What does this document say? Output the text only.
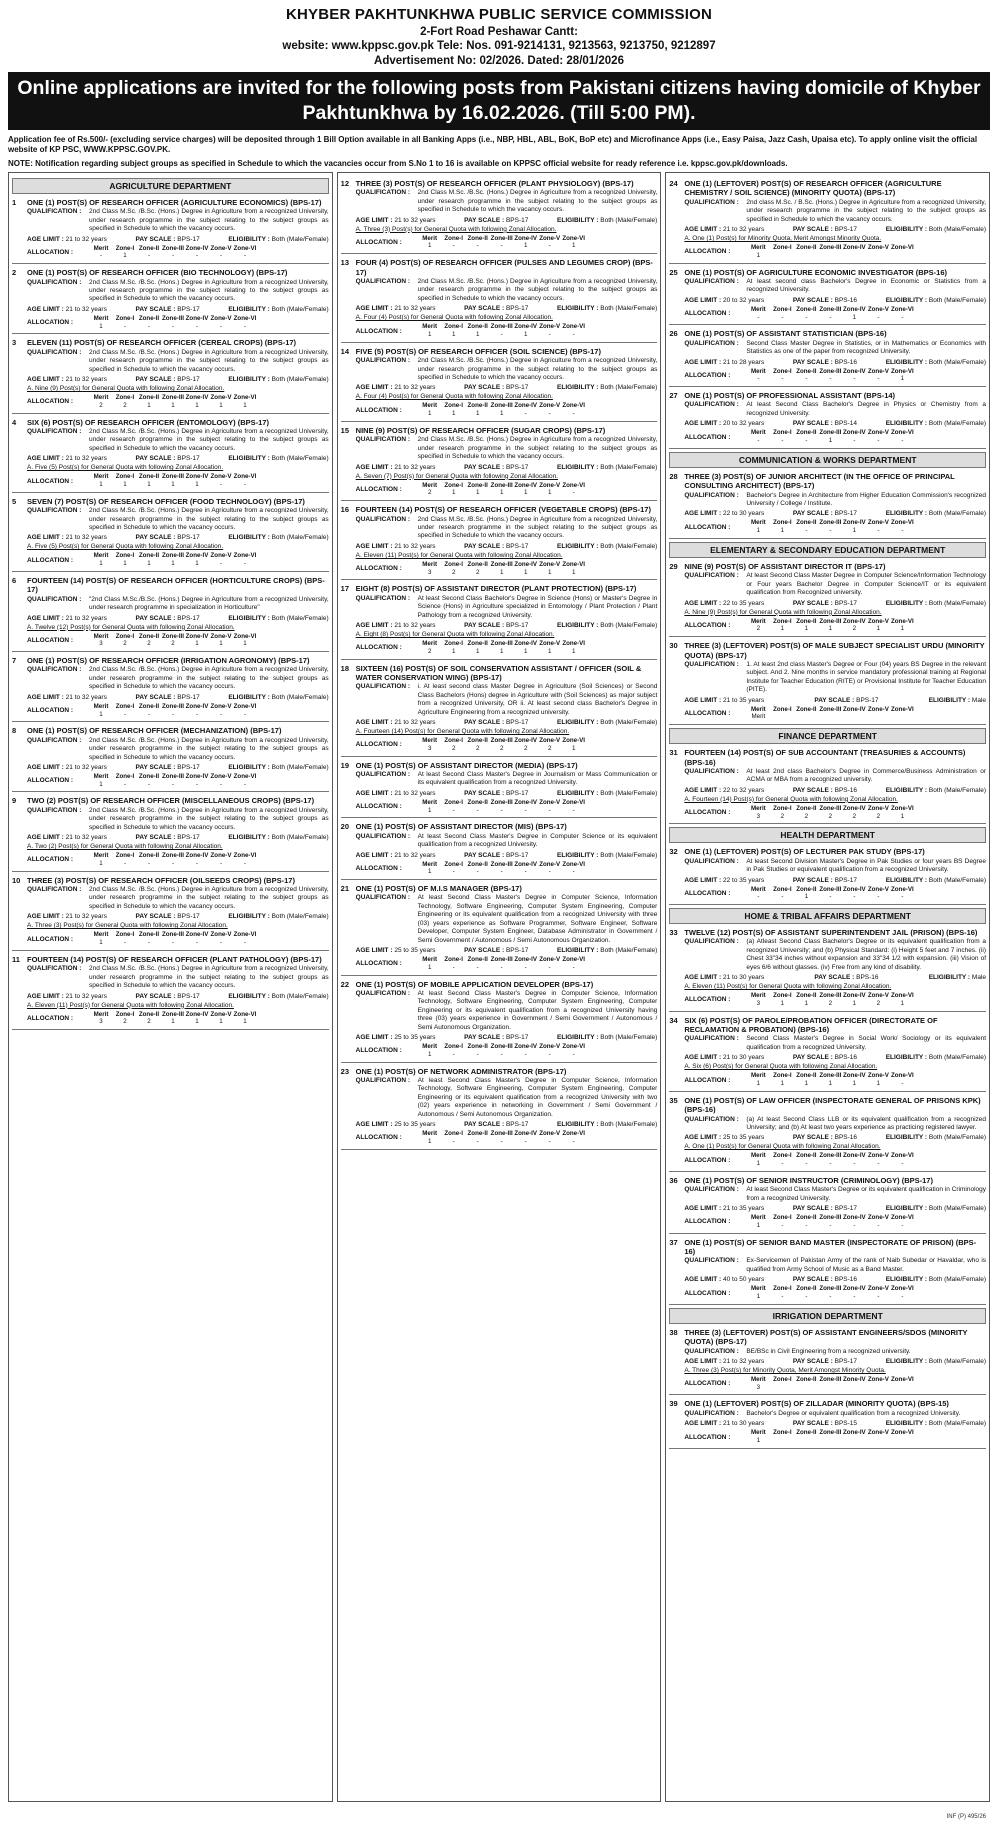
KHYBER PAKHTUNKHWA PUBLIC SERVICE COMMISSION
2-Fort Road Peshawar Cantt:
website: www.kppsc.gov.pk Tele: Nos. 091-9214131, 9213563, 9213750, 9212897
Advertisement No: 02/2026. Dated: 28/01/2026
Online applications are invited for the following posts from Pakistani citizens having domicile of Khyber Pakhtunkhwa by 16.02.2026. (Till 5:00 PM).
Application fee of Rs.500/- (excluding service charges) will be deposited through 1 Bill Option available in all Banking Apps (i.e., NBP, HBL, ABL, BoK, BoP etc) and Microfinance Apps (i.e., Easy Paisa, Jazz Cash, Upaisa etc). To apply online visit the official website of KP PSC, WWW.KPPSC.GOV.PK.
NOTE: Notification regarding subject groups as specified in Schedule to which the vacancies occur from S.No 1 to 16 is available on KPPSC official website for ready reference i.e. kppsc.gov.pk/downloads.
AGRICULTURE DEPARTMENT
1	ONE (1) POST(S) OF RESEARCH OFFICER (AGRICULTURE ECONOMICS) (BPS-17)
QUALIFICATION :	2nd Class M.Sc. /B.Sc. (Hons.) Degree in Agriculture from a recognized University, under research programme in the subject relating to the subject groups as specified in Schedule to which the vacancy occurs.
AGE LIMIT : 21 to 32 years	PAY SCALE : BPS-17	ELIGIBILITY : Both (Male/Female)
ALLOCATION :
Merit	Zone-I	Zone-II	Zone-III	Zone-IV	Zone-V	Zone-VI
-	1	-	-	-	-	-
2	ONE (1) POST(S) OF RESEARCH OFFICER (BIO TECHNOLOGY) (BPS-17)
QUALIFICATION :	2nd Class M.Sc. /B.Sc. (Hons.) Degree in Agriculture from a recognized University, under research programme in the subject relating to the subject groups as specified in Schedule to which the vacancy occurs.
AGE LIMIT : 21 to 32 years	PAY SCALE : BPS-17	ELIGIBILITY : Both (Male/Female)
ALLOCATION :
Merit	Zone-I	Zone-II	Zone-III	Zone-IV	Zone-V	Zone-VI
1	-	-	-	-	-	-
3	ELEVEN (11) POST(S) OF RESEARCH OFFICER (CEREAL CROPS) (BPS-17)
QUALIFICATION :	2nd Class M.Sc. /B.Sc. (Hons.) Degree in Agriculture from a recognized University, under research programme in the subject relating to the subject groups as specified in Schedule to which the vacancy occurs.
AGE LIMIT : 21 to 32 years	PAY SCALE : BPS-17	ELIGIBILITY : Both (Male/Female)
A. Nine (9) Post(s) for General Quota with following Zonal Allocation.
ALLOCATION :
Merit	Zone-I	Zone-II	Zone-III	Zone-IV	Zone-V	Zone-VI
2	2	1	1	1	1	1
4	SIX (6) POST(S) OF RESEARCH OFFICER (ENTOMOLOGY) (BPS-17)
QUALIFICATION :	2nd Class M.Sc. /B.Sc. (Hons.) Degree in Agriculture from a recognized University, under research programme in the subject relating to the subject groups as specified in Schedule to which the vacancy occurs.
AGE LIMIT : 21 to 32 years	PAY SCALE : BPS-17	ELIGIBILITY : Both (Male/Female)
A. Five (5) Post(s) for General Quota with following Zonal Allocation.
ALLOCATION :
Merit	Zone-I	Zone-II	Zone-III	Zone-IV	Zone-V	Zone-VI
1	1	1	1	1	-	-
5	SEVEN (7) POST(S) OF RESEARCH OFFICER (FOOD TECHNOLOGY) (BPS-17)
QUALIFICATION :	2nd Class M.Sc. /B.Sc. (Hons.) Degree in Agriculture from a recognized University, under research programme in the subject relating to the subject groups as specified in Schedule to which the vacancy occurs.
AGE LIMIT : 21 to 32 years	PAY SCALE : BPS-17	ELIGIBILITY : Both (Male/Female)
A. Five (5) Post(s) for General Quota with following Zonal Allocation.
ALLOCATION :
Merit	Zone-I	Zone-II	Zone-III	Zone-IV	Zone-V	Zone-VI
1	1	1	1	1	-	-
6	FOURTEEN (14) POST(S) OF RESEARCH OFFICER (HORTICULTURE CROPS) (BPS-17)
QUALIFICATION :	"2nd Class M.Sc./B.Sc. (Hons.) Degree in Agriculture from a recognized University, under research programme in specialization in Horticulture"
AGE LIMIT : 21 to 32 years	PAY SCALE : BPS-17	ELIGIBILITY : Both (Male/Female)
A. Twelve (12) Post(s) for General Quota with following Zonal Allocation.
ALLOCATION :
Merit	Zone-I	Zone-II	Zone-III	Zone-IV	Zone-V	Zone-VI
3	2	2	2	1	1	1
7	ONE (1) POST(S) OF RESEARCH OFFICER (IRRIGATION AGRONOMY) (BPS-17)
QUALIFICATION :	2nd Class M.Sc. /B.Sc. (Hons.) Degree in Agriculture from a recognized University, under research programme in the subject relating to the subject groups as specified in Schedule to which the vacancy occurs.
AGE LIMIT : 21 to 32 years	PAY SCALE : BPS-17	ELIGIBILITY : Both (Male/Female)
ALLOCATION :
Merit	Zone-I	Zone-II	Zone-III	Zone-IV	Zone-V	Zone-VI
1	-	-	-	-	-	-
8	ONE (1) POST(S) OF RESEARCH OFFICER (MECHANIZATION) (BPS-17)
QUALIFICATION :	2nd Class M.Sc. /B.Sc. (Hons.) Degree in Agriculture from a recognized University, under research programme in the subject relating to the subject groups as specified in Schedule to which the vacancy occurs.
AGE LIMIT : 21 to 32 years	PAY SCALE : BPS-17	ELIGIBILITY : Both (Male/Female)
ALLOCATION :
Merit	Zone-I	Zone-II	Zone-III	Zone-IV	Zone-V	Zone-VI
1	-	-	-	-	-	-
9	TWO (2) POST(S) OF RESEARCH OFFICER (MISCELLANEOUS CROPS) (BPS-17)
QUALIFICATION :	2nd Class M.Sc. /B.Sc. (Hons.) Degree in Agriculture from a recognized University, under research programme in the subject relating to the subject groups as specified in Schedule to which the vacancy occurs.
AGE LIMIT : 21 to 32 years	PAY SCALE : BPS-17	ELIGIBILITY : Both (Male/Female)
A. Two (2) Post(s) for General Quota with following Zonal Allocation.
ALLOCATION :
Merit	Zone-I	Zone-II	Zone-III	Zone-IV	Zone-V	Zone-VI
1	-	-	-	-	-	-
10 THREE (3) POST(S) OF RESEARCH OFFICER (OILSEEDS CROPS) (BPS-17)
QUALIFICATION :	2nd Class M.Sc. /B.Sc. (Hons.) Degree in Agriculture from a recognized University, under research programme in the subject relating to the subject groups as specified in Schedule to which the vacancy occurs.
AGE LIMIT : 21 to 32 years	PAY SCALE : BPS-17	ELIGIBILITY : Both (Male/Female)
A. Three (3) Post(s) for General Quota with following Zonal Allocation.
ALLOCATION :
Merit	Zone-I	Zone-II	Zone-III	Zone-IV	Zone-V	Zone-VI
1	-	-	-	-	-	-
11 FOURTEEN (14) POST(S) OF RESEARCH OFFICER (PLANT PATHOLOGY) (BPS-17)
QUALIFICATION :	2nd Class M.Sc. /B.Sc. (Hons.) Degree in Agriculture from a recognized University, under research programme in the subject relating to the subject groups as specified in Schedule to which the vacancy occurs.
AGE LIMIT : 21 to 32 years	PAY SCALE : BPS-17	ELIGIBILITY : Both (Male/Female)
A. Eleven (11) Post(s) for General Quota with following Zonal Allocation.
ALLOCATION :
Merit	Zone-I	Zone-II	Zone-III	Zone-IV	Zone-V	Zone-VI
3	2	2	1	1	1	1
12 THREE (3) POST(S) OF RESEARCH OFFICER (PLANT PHYSIOLOGY) (BPS-17)
QUALIFICATION :	2nd Class M.Sc. /B.Sc. (Hons.) Degree in Agriculture from a recognized University, under research programme in the subject relating to the subject groups as specified in Schedule to which the vacancy occurs.
AGE LIMIT : 21 to 32 years	PAY SCALE : BPS-17	ELIGIBILITY : Both (Male/Female)
A. Three (3) Post(s) for General Quota with following Zonal Allocation.
ALLOCATION :
Merit	Zone-I	Zone-II	Zone-III	Zone-IV	Zone-V	Zone-VI
1	-	-	-	1	-	1
13 FOUR (4) POST(S) OF RESEARCH OFFICER (PULSES AND LEGUMES CROP) (BPS-17)
QUALIFICATION :	2nd Class M.Sc. /B.Sc. (Hons.) Degree in Agriculture from a recognized University, under research programme in the subject relating to the subject groups as specified in Schedule to which the vacancy occurs.
AGE LIMIT : 21 to 32 years	PAY SCALE : BPS-17	ELIGIBILITY : Both (Male/Female)
A. Four (4) Post(s) for General Quota with following Zonal Allocation.
ALLOCATION :
Merit	Zone-I	Zone-II	Zone-III	Zone-IV	Zone-V	Zone-VI
1	1	1	-	1	-	-
14 FIVE (5) POST(S) OF RESEARCH OFFICER (SOIL SCIENCE) (BPS-17)
QUALIFICATION :	2nd Class M.Sc. /B.Sc. (Hons.) Degree in Agriculture from a recognized University, under research programme in the subject relating to the subject groups as specified in Schedule to which the vacancy occurs.
AGE LIMIT : 21 to 32 years	PAY SCALE : BPS-17	ELIGIBILITY : Both (Male/Female)
A. Four (4) Post(s) for General Quota with following Zonal Allocation.
ALLOCATION :
Merit	Zone-I	Zone-II	Zone-III	Zone-IV	Zone-V	Zone-VI
1	1	1	1	-	-	-
15 NINE (9) POST(S) OF RESEARCH OFFICER (SUGAR CROPS) (BPS-17)
QUALIFICATION :	2nd Class M.Sc. /B.Sc. (Hons.) Degree in Agriculture from a recognized University, under research programme in the subject relating to the subject groups as specified in Schedule to which the vacancy occurs.
AGE LIMIT : 21 to 32 years	PAY SCALE : BPS-17	ELIGIBILITY : Both (Male/Female)
A. Seven (7) Post(s) for General Quota with following Zonal Allocation.
ALLOCATION :
Merit	Zone-I	Zone-II	Zone-III	Zone-IV	Zone-V	Zone-VI
2	1	1	1	1	1	-
16 FOURTEEN (14) POST(S) OF RESEARCH OFFICER (VEGETABLE CROPS) (BPS-17)
QUALIFICATION :	2nd Class M.Sc. /B.Sc. (Hons.) Degree in Agriculture from a recognized University, under research programme in the subject relating to the subject groups as specified in Schedule to which the vacancy occurs.
AGE LIMIT : 21 to 32 years	PAY SCALE : BPS-17	ELIGIBILITY : Both (Male/Female)
A. Eleven (11) Post(s) for General Quota with following Zonal Allocation.
ALLOCATION :
Merit	Zone-I	Zone-II	Zone-III	Zone-IV	Zone-V	Zone-VI
3	2	2	1	1	1	1
17 EIGHT (8) POST(S) OF ASSISTANT DIRECTOR (PLANT PROTECTION) (BPS-17)
QUALIFICATION :	At least Second Class Bachelor's Degree in Science (Hons) or Master's Degree in Science (Hons) in Agriculture specialized in Entomology / Plant Protection / Plant Pathology from a recognized University.
AGE LIMIT : 21 to 32 years	PAY SCALE : BPS-17	ELIGIBILITY : Both (Male/Female)
A. Eight (8) Post(s) for General Quota with following Zonal Allocation.
ALLOCATION :
Merit	Zone-I	Zone-II	Zone-III	Zone-IV	Zone-V	Zone-VI
2	1	1	1	1	1	1
18 SIXTEEN (16) POST(S) OF SOIL CONSERVATION ASSISTANT / OFFICER (SOIL & WATER CONSERVATION WING) (BPS-17)
QUALIFICATION :	i. At least second class Master Degree in Agriculture (Soil Sciences) or Second Class Bachelors (Hons) degree in Agriculture with (Soil Sciences) as major subject from a recognized University, OR ii. At least second class Bachelor's Degree in Agriculture Engineering from a recognized university.
AGE LIMIT : 21 to 32 years	PAY SCALE : BPS-17	ELIGIBILITY : Both (Male/Female)
A. Fourteen (14) Post(s) for General Quota with following Zonal Allocation.
ALLOCATION :
Merit	Zone-I	Zone-II	Zone-III	Zone-IV	Zone-V	Zone-VI
3	2	2	2	2	2	1
19 ONE (1) POST(S) OF ASSISTANT DIRECTOR (MEDIA) (BPS-17)
QUALIFICATION :	At least Second Class Master's Degree in Journalism or Mass Communication or its equivalent qualification from a recognized University.
AGE LIMIT : 21 to 32 years	PAY SCALE : BPS-17	ELIGIBILITY : Both (Male/Female)
ALLOCATION :
Merit	Zone-I	Zone-II	Zone-III	Zone-IV	Zone-V	Zone-VI
1	-	-	-	-	-	-
20 ONE (1) POST(S) OF ASSISTANT DIRECTOR (MIS) (BPS-17)
QUALIFICATION :	At least Second Class Master's Degree in Computer Science or its equivalent qualification from a recognized University.
AGE LIMIT : 21 to 32 years	PAY SCALE : BPS-17	ELIGIBILITY : Both (Male/Female)
ALLOCATION :
Merit	Zone-I	Zone-II	Zone-III	Zone-IV	Zone-V	Zone-VI
1	-	-	-	-	-	-
21 ONE (1) POST(S) OF M.I.S MANAGER (BPS-17)
QUALIFICATION :	At least Second Class Master's Degree in Computer Science, Information Technology, Software Engineering, Computer System Engineering, Computer Engineering or its equivalent qualification from a recognized University with three (03) years experience as Software Programmer, Software Engineer, Software Developer, Computer System Engineer, Database Administrator in Government / Semi Government / Autonomous / Semi Autonomous Organization.
AGE LIMIT : 25 to 35 years	PAY SCALE : BPS-17	ELIGIBILITY : Both (Male/Female)
ALLOCATION :
Merit	Zone-I	Zone-II	Zone-III	Zone-IV	Zone-V	Zone-VI
1	-	-	-	-	-	-
22 ONE (1) POST(S) OF MOBILE APPLICATION DEVELOPER (BPS-17)
QUALIFICATION :	At least Second Class Master's Degree in Computer Science, Information Technology, Software Engineering, Computer System Engineering, Computer Engineering or its equivalent qualification from a recognized University having three (03) years experience in Government / Semi Government / Autonomous / Semi Autonomous Organization.
AGE LIMIT : 25 to 35 years	PAY SCALE : BPS-17	ELIGIBILITY : Both (Male/Female)
ALLOCATION :
Merit	Zone-I	Zone-II	Zone-III	Zone-IV	Zone-V	Zone-VI
1	-	-	-	-	-	-
23 ONE (1) POST(S) OF NETWORK ADMINISTRATOR (BPS-17)
QUALIFICATION :	At least Second Class Master's Degree in Computer Science, Information Technology, Software Engineering, Computer System Engineering, Computer Engineering or its equivalent qualification from a recognized University with two (02) years experience in networking in Government / Semi Government / Autonomous / Semi Autonomous Organization.
AGE LIMIT : 25 to 35 years	PAY SCALE : BPS-17	ELIGIBILITY : Both (Male/Female)
ALLOCATION :
Merit	Zone-I	Zone-II	Zone-III	Zone-IV	Zone-V	Zone-VI
1	-	-	-	-	-	-
24 ONE (1) (LEFTOVER) POST(S) OF RESEARCH OFFICER (AGRICULTURE CHEMISTRY / SOIL SCIENCE) (MINORITY QUOTA) (BPS-17)
QUALIFICATION :	2nd class M.Sc. / B.Sc. (Hons.) Degree in Agriculture from a recognized University, under research programme in the subject relating to the subject groups as specified in Schedule to which the vacancy occurs.
AGE LIMIT : 21 to 32 years	PAY SCALE : BPS-17	ELIGIBILITY : Both (Male/Female)
A. One (1) Post(s) for Minority Quota, Merit Amongst Minority Quota.
ALLOCATION :
Merit	Zone-I	Zone-II	Zone-III	Zone-IV	Zone-V	Zone-VI
1						
25 ONE (1) POST(S) OF AGRICULTURE ECONOMIC INVESTIGATOR (BPS-16)
QUALIFICATION :	At least second class Bachelor's Degree in Economic or Statistics from a recognized University.
AGE LIMIT : 20 to 32 years	PAY SCALE : BPS-16	ELIGIBILITY : Both (Male/Female)
ALLOCATION :
Merit	Zone-I	Zone-II	Zone-III	Zone-IV	Zone-V	Zone-VI
-	-	-	-	1	-	-
26 ONE (1) POST(S) OF ASSISTANT STATISTICIAN (BPS-16)
QUALIFICATION :	Second Class Master Degree in Statistics, or in Mathematics or Economics with Statistics as one of the paper from recognized University.
AGE LIMIT : 21 to 28 years	PAY SCALE : BPS-16	ELIGIBILITY : Both (Male/Female)
ALLOCATION :
Merit	Zone-I	Zone-II	Zone-III	Zone-IV	Zone-V	Zone-VI
-	-	-	-	-	-	1
27 ONE (1) POST(S) OF PROFESSIONAL ASSISTANT (BPS-14)
QUALIFICATION :	At least Second Class Bachelor's Degree in Physics or Chemistry from a recognized University.
AGE LIMIT : 20 to 32 years	PAY SCALE : BPS-14	ELIGIBILITY : Both (Male/Female)
ALLOCATION :
Merit	Zone-I	Zone-II	Zone-III	Zone-IV	Zone-V	Zone-VI
-	-	-	1	-	-	-
COMMUNICATION & WORKS DEPARTMENT
28 THREE (3) POST(S) OF JUNIOR ARCHITECT (IN THE OFFICE OF PRINCIPAL CONSULTING ARCHITECT) (BPS-17)
QUALIFICATION :	Bachelor's Degree in Architecture from Higher Education Commission's recognized University / College / Institute.
AGE LIMIT : 22 to 30 years	PAY SCALE : BPS-17	ELIGIBILITY : Both (Male/Female)
ALLOCATION :
Merit	Zone-I	Zone-II	Zone-III	Zone-IV	Zone-V	Zone-VI
1	1	-	-	1	-	-
ELEMENTARY & SECONDARY EDUCATION DEPARTMENT
29 NINE (9) POST(S) OF ASSISTANT DIRECTOR IT (BPS-17)
QUALIFICATION :	At least Second Class Master Degree in Computer Science/Information Technology or Four years Bachelor Degree in Computer Science/IT or its equivalent qualification from Recognized university.
AGE LIMIT : 22 to 35 years	PAY SCALE : BPS-17	ELIGIBILITY : Both (Male/Female)
A. Nine (9) Post(s) for General Quota with following Zonal Allocation.
ALLOCATION :
Merit	Zone-I	Zone-II	Zone-III	Zone-IV	Zone-V	Zone-VI
2	1	1	1	2	1	1
30 THREE (3) (LEFTOVER) POST(S) OF MALE SUBJECT SPECIALIST URDU (MINORITY QUOTA) (BPS-17)
QUALIFICATION :	1. At least 2nd class Master's Degree or Four (04) years BS Degree in the relevant subject. And 2. Nine months in service mandatory professional training at Regional Institute for Teacher Education (RITE) or Provisional Institute for Teacher Education (PITE).
AGE LIMIT : 21 to 35 years	PAY SCALE : BPS-17	ELIGIBILITY : Male
ALLOCATION :
Merit	Zone-I	Zone-II	Zone-III	Zone-IV	Zone-V	Zone-VI
Merit						
FINANCE DEPARTMENT
31 FOURTEEN (14) POST(S) OF SUB ACCOUNTANT (TREASURIES & ACCOUNTS) (BPS-16)
QUALIFICATION :	At least 2nd class Bachelor's Degree in Commerce/Business Administration or ACMA or MBA from a recognized university.
AGE LIMIT : 22 to 32 years	PAY SCALE : BPS-16	ELIGIBILITY : Both (Male/Female)
A. Fourteen (14) Post(s) for General Quota with following Zonal Allocation.
ALLOCATION :
Merit	Zone-I	Zone-II	Zone-III	Zone-IV	Zone-V	Zone-VI
3	2	2	2	2	2	1
HEALTH DEPARTMENT
32 ONE (1) (LEFTOVER) POST(S) OF LECTURER PAK STUDY (BPS-17)
QUALIFICATION :	At least Second Division Master's Degree in Pak Studies or four years BS Degree in Pak Studies or equivalent qualification from a recognized University.
AGE LIMIT : 22 to 35 years	PAY SCALE : BPS-17	ELIGIBILITY : Both (Male/Female)
ALLOCATION :
Merit	Zone-I	Zone-II	Zone-III	Zone-IV	Zone-V	Zone-VI
-	-	1	-	-	-	-
HOME & TRIBAL AFFAIRS DEPARTMENT
33 TWELVE (12) POST(S) OF ASSISTANT SUPERINTENDENT JAIL (PRISON) (BPS-16)
QUALIFICATION :	(a) Atleast Second Class Bachelor's Degree or its equivalent qualification from a recognized University; and (b) Physical Standard: (i) Height 5 feet and 7 inches. (ii) Chest 33"34 inches without expansion and 33"34 1/2 with expansion. (iii) Vision of eyes 6/6 without glasses. (iv) Free from any kind of disability.
AGE LIMIT : 21 to 30 years	PAY SCALE : BPS-16	ELIGIBILITY : Male
A. Eleven (11) Post(s) for General Quota with following Zonal Allocation.
ALLOCATION :
Merit	Zone-I	Zone-II	Zone-III	Zone-IV	Zone-V	Zone-VI
3	1	1	2	1	2	1
34 SIX (6) POST(S) OF PAROLE/PROBATION OFFICER (DIRECTORATE OF RECLAMATION & PROBATION) (BPS-16)
QUALIFICATION :	Second Class Master's Degree in Social Work/ Sociology or its equivalent qualification from a recognized University.
AGE LIMIT : 21 to 30 years	PAY SCALE : BPS-16	ELIGIBILITY : Both (Male/Female)
A. Six (6) Post(s) for General Quota with following Zonal Allocation.
ALLOCATION :
Merit	Zone-I	Zone-II	Zone-III	Zone-IV	Zone-V	Zone-VI
1	1	1	1	1	1	-
35 ONE (1) POST(S) OF LAW OFFICER (INSPECTORATE GENERAL OF PRISONS KPK) (BPS-16)
QUALIFICATION :	(a) At least Second Class LLB or its equivalent qualification from a recognized University; and (b) At least two years experience as practicing registered lawyer.
AGE LIMIT : 25 to 35 years	PAY SCALE : BPS-16	ELIGIBILITY : Both (Male/Female)
A. One (1) Post(s) for General Quota with following Zonal Allocation.
ALLOCATION :
Merit	Zone-I	Zone-II	Zone-III	Zone-IV	Zone-V	Zone-VI
1	-	-	-	-	-	-
36 ONE (1) POST(S) OF SENIOR INSTRUCTOR (CRIMINOLOGY) (BPS-17)
QUALIFICATION :	At least Second Class Master's Degree or its equivalent qualification in Criminology from a recognized University.
AGE LIMIT : 21 to 35 years	PAY SCALE : BPS-17	ELIGIBILITY : Both (Male/Female)
ALLOCATION :
Merit	Zone-I	Zone-II	Zone-III	Zone-IV	Zone-V	Zone-VI
1	-	-	-	-	-	-
37 ONE (1) POST(S) OF SENIOR BAND MASTER (INSPECTORATE OF PRISON) (BPS-16)
QUALIFICATION :	Ex-Servicemen of Pakistan Army of the rank of Naib Subedar or Havaldar, who is qualified from Army School of Music as a Band Master.
AGE LIMIT : 40 to 50 years	PAY SCALE : BPS-16	ELIGIBILITY : Both (Male/Female)
ALLOCATION :
Merit	Zone-I	Zone-II	Zone-III	Zone-IV	Zone-V	Zone-VI
1	-	-	-	-	-	-
IRRIGATION DEPARTMENT
38 THREE (3) (LEFTOVER) POST(S) OF ASSISTANT ENGINEERS/SDOS (MINORITY QUOTA) (BPS-17)
QUALIFICATION :	BE/BSc in Civil Engineering from a recognized university.
AGE LIMIT : 21 to 32 years	PAY SCALE : BPS-17	ELIGIBILITY : Both (Male/Female)
A. Three (3) Post(s) for Minority Quota, Merit Amongst Minority Quota.
ALLOCATION :
Merit	Zone-I	Zone-II	Zone-III	Zone-IV	Zone-V	Zone-VI
3						
39 ONE (1) (LEFTOVER) POST(S) OF ZILLADAR (MINORITY QUOTA) (BPS-15)
QUALIFICATION :	Bachelor's Degree or equivalent qualification from a recognized University.
AGE LIMIT : 21 to 30 years	PAY SCALE : BPS-15	ELIGIBILITY : Both (Male/Female)
ALLOCATION :
Merit	Zone-I	Zone-II	Zone-III	Zone-IV	Zone-V	Zone-VI
1						
INF (P) 495/26
